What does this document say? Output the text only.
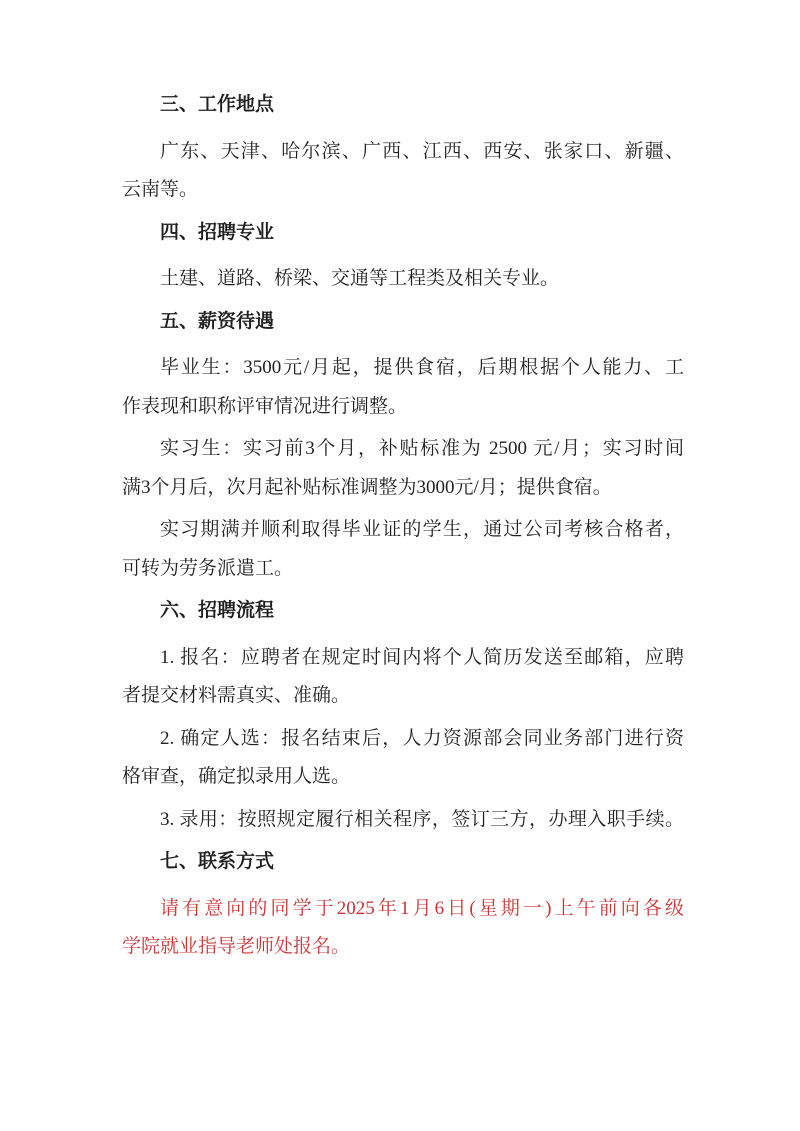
三、工作地点

广东、天津、哈尔滨、广西、江西、西安、张家口、新疆、
云南等。

四、招聘专业

土建、道路、桥梁、交通等工程类及相关专业。

五、薪资待遇

毕业生：3500元/月起，提供食宿，后期根据个人能力、工
作表现和职称评审情况进行调整。

实习生：实习前3个月，补贴标准为 2500 元/月；实习时间
满3个月后，次月起补贴标准调整为3000元/月；提供食宿。

实习期满并顺利取得毕业证的学生，通过公司考核合格者，
可转为劳务派遣工。

六、招聘流程

1. 报名：应聘者在规定时间内将个人简历发送至邮箱，应聘
者提交材料需真实、准确。

2. 确定人选：报名结束后，人力资源部会同业务部门进行资
格审查，确定拟录用人选。

3. 录用：按照规定履行相关程序，签订三方，办理入职手续。

七、联系方式

请有意向的同学于2025年1月6日(星期一)上午前向各级
学院就业指导老师处报名。
